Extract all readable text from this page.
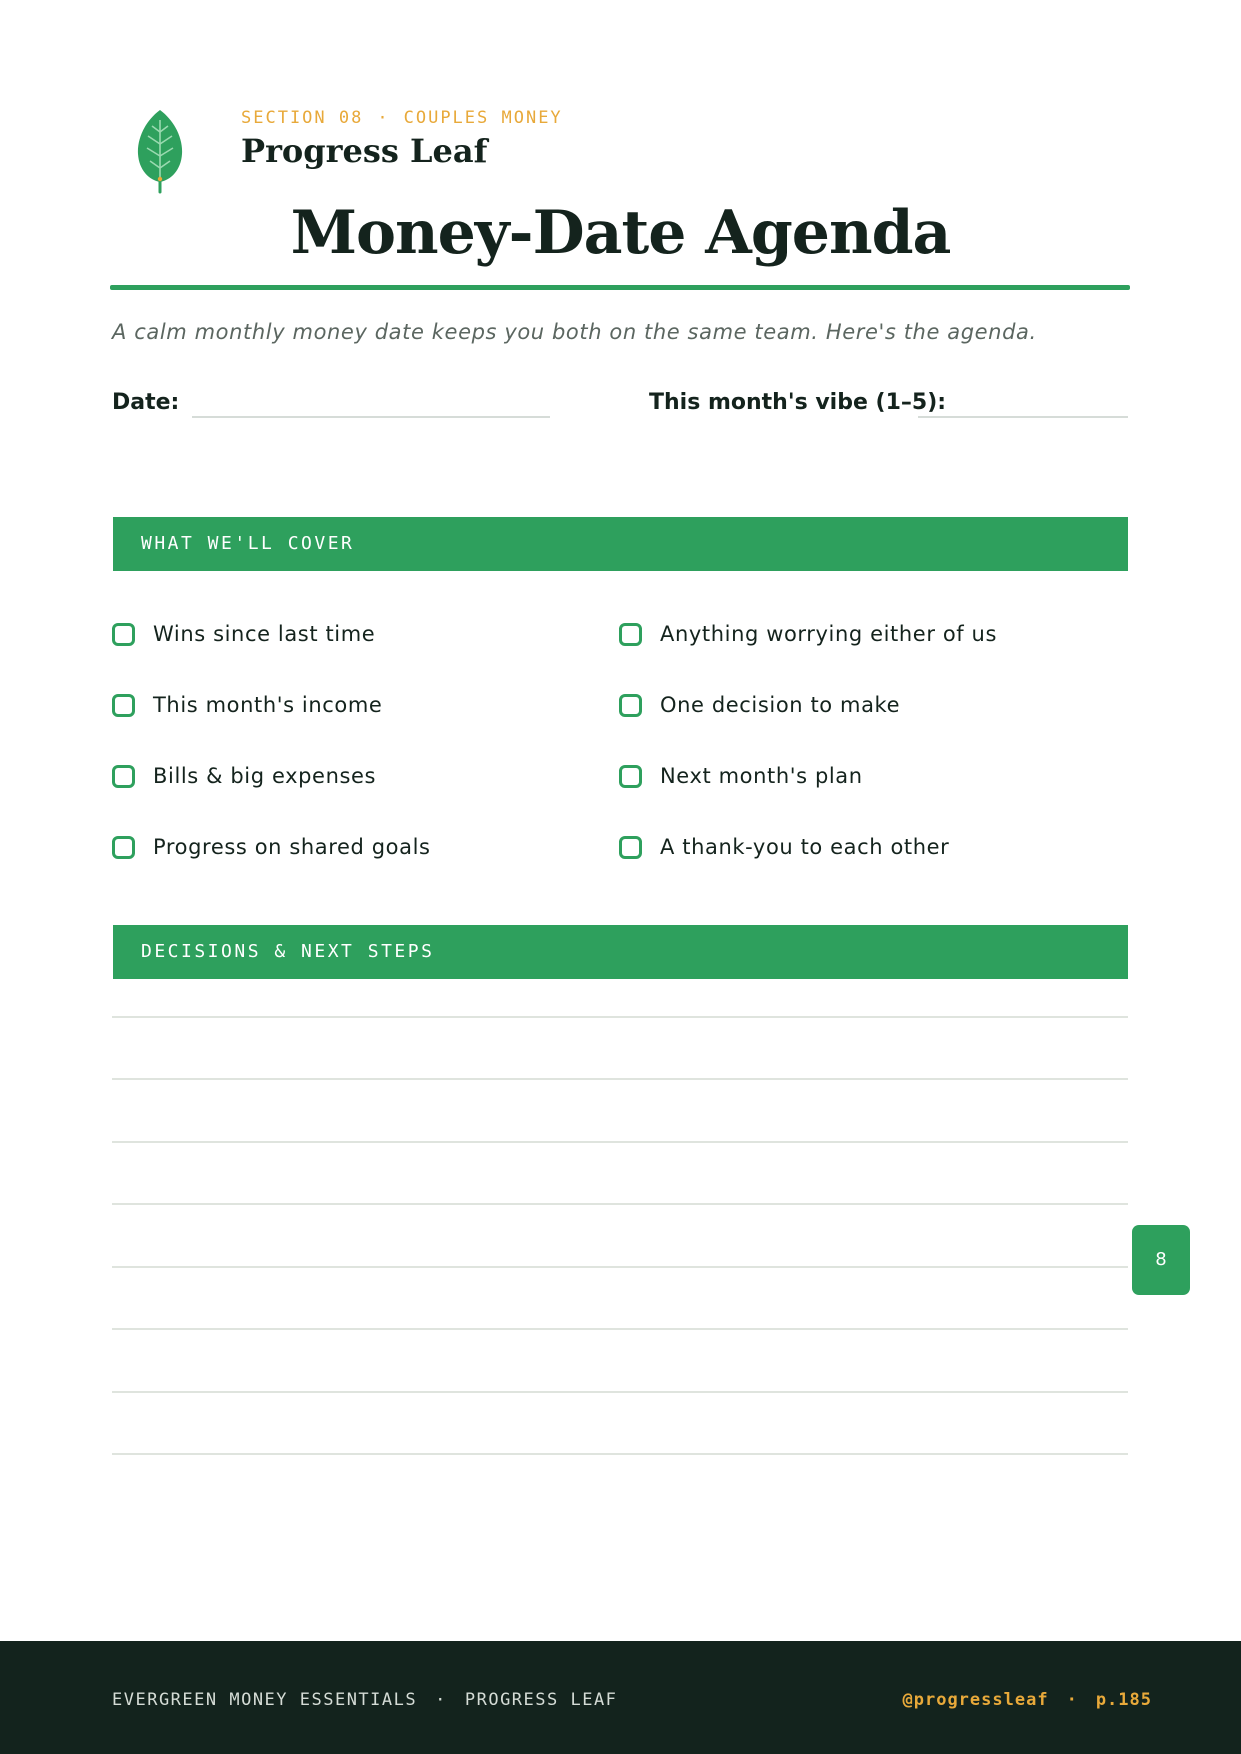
SECTION 08 · COUPLES MONEY
Progress Leaf
Money-Date Agenda
A calm monthly money date keeps you both on the same team. Here's the agenda.
Date:	This month's vibe (1–5):
WHAT WE'LL COVER
Wins since last time
This month's income
Bills & big expenses
Progress on shared goals
Anything worrying either of us
One decision to make
Next month's plan
A thank-you to each other
DECISIONS & NEXT STEPS
8
EVERGREEN MONEY ESSENTIALS · PROGRESS LEAF	@progressleaf · p.185
